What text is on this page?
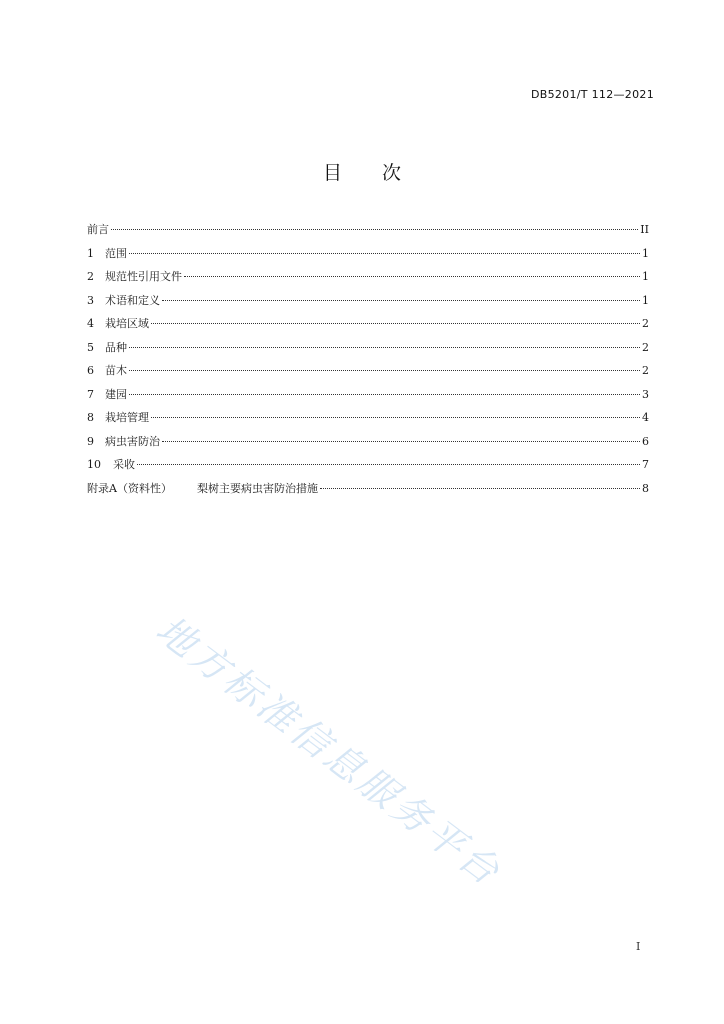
DB5201/T 112—2021
目 次
前言	II
1	范围	1
2	规范性引用文件	1
3	术语和定义	1
4	栽培区域	2
5	品种	2
6	苗木	2
7	建园	3
8	栽培管理	4
9	病虫害防治	6
10	采收	7
附录A（资料性）	梨树主要病虫害防治措施	8
地方标准信息服务平台
I
